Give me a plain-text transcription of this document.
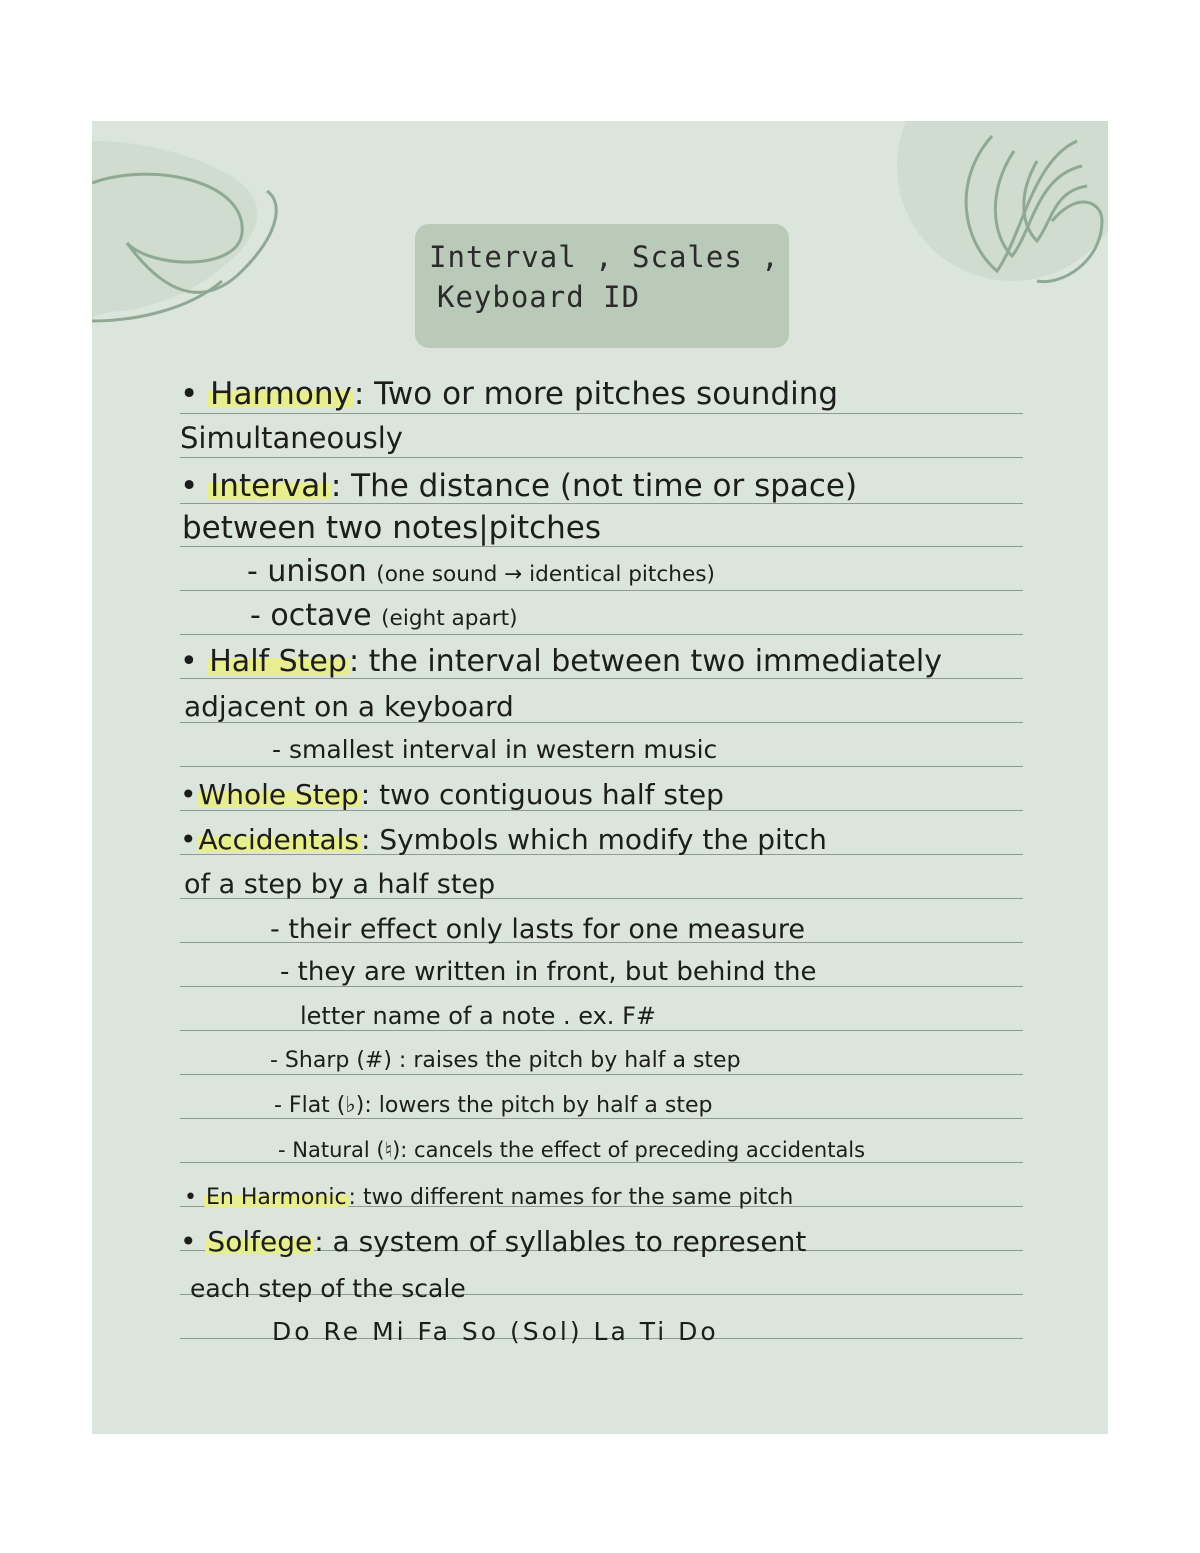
Interval , Scales ,
Keyboard ID
• Harmony: Two or more pitches sounding
Simultaneously
• Interval: The distance (not time or space)
between two notes|pitches
- unison (one sound → identical pitches)
- octave (eight apart)
• Half Step: the interval between two immediately
adjacent on a keyboard
- smallest interval in western music
•Whole Step: two contiguous half step
•Accidentals: Symbols which modify the pitch
of a step by a half step
- their effect only lasts for one measure
- they are written in front, but behind the
letter name of a note . ex. F#
- Sharp (#) : raises the pitch by half a step
- Flat (♭): lowers the pitch by half a step
- Natural (♮): cancels the effect of preceding accidentals
• En Harmonic: two different names for the same pitch
• Solfege: a system of syllables to represent
each step of the scale
Do Re Mi Fa So (Sol) La Ti Do
